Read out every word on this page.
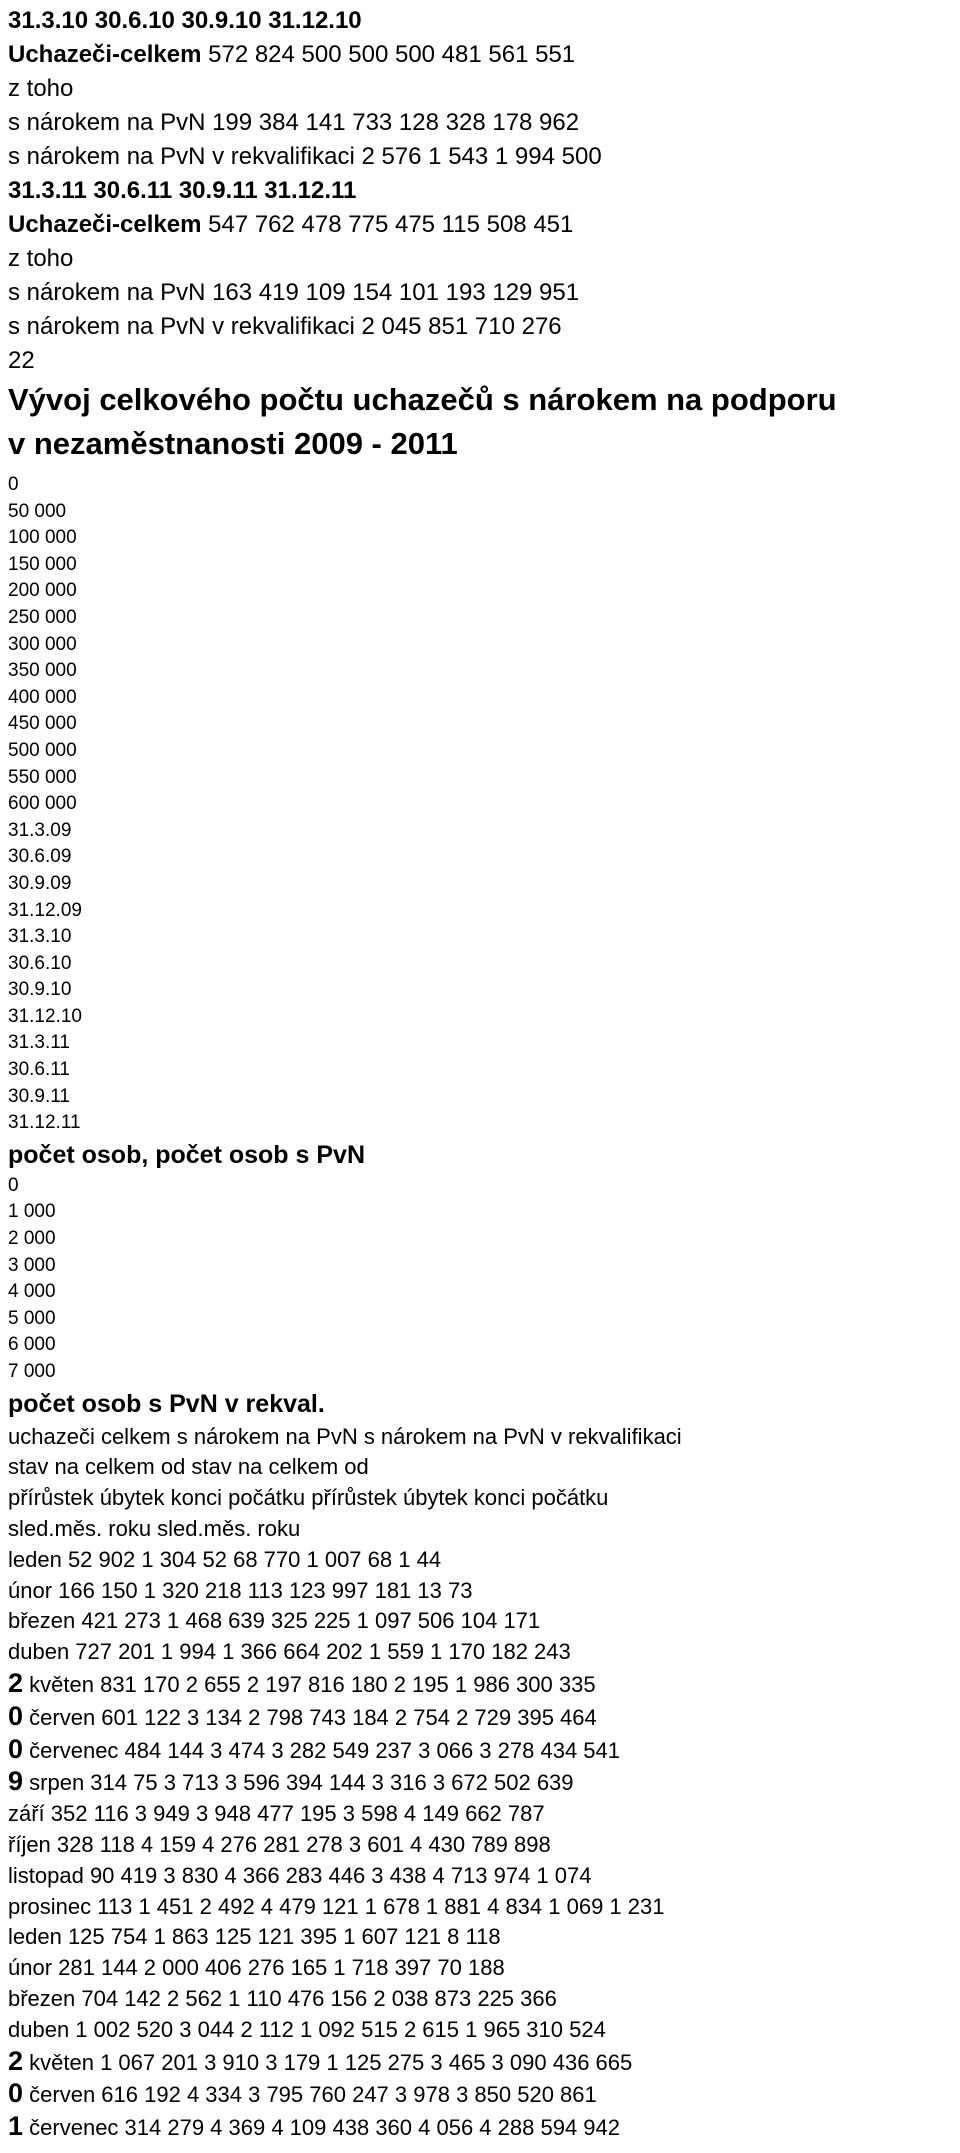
31.3.10 30.6.10 30.9.10 31.12.10
Uchazeči-celkem 572 824 500 500 500 481 561 551
z toho
s nárokem na PvN 199 384 141 733 128 328 178 962
s nárokem na PvN v rekvalifikaci 2 576 1 543 1 994 500
31.3.11 30.6.11 30.9.11 31.12.11
Uchazeči-celkem 547 762 478 775 475 115 508 451
z toho
s nárokem na PvN 163 419 109 154 101 193 129 951
s nárokem na PvN v rekvalifikaci 2 045 851 710 276
22
Vývoj celkového počtu uchazečů s nárokem na podporu
v nezaměstnanosti 2009 - 2011
0
50 000
100 000
150 000
200 000
250 000
300 000
350 000
400 000
450 000
500 000
550 000
600 000
31.3.09
30.6.09
30.9.09
31.12.09
31.3.10
30.6.10
30.9.10
31.12.10
31.3.11
30.6.11
30.9.11
31.12.11
počet osob, počet osob s PvN
0
1 000
2 000
3 000
4 000
5 000
6 000
7 000
počet osob s PvN v rekval.
uchazeči celkem s nárokem na PvN s nárokem na PvN v rekvalifikaci
stav na celkem od stav na celkem od
přírůstek úbytek konci počátku přírůstek úbytek konci počátku
sled.měs. roku sled.měs. roku
leden 52 902 1 304 52 68 770 1 007 68 1 44
únor 166 150 1 320 218 113 123 997 181 13 73
březen 421 273 1 468 639 325 225 1 097 506 104 171
duben 727 201 1 994 1 366 664 202 1 559 1 170 182 243
2 květen 831 170 2 655 2 197 816 180 2 195 1 986 300 335
0 červen 601 122 3 134 2 798 743 184 2 754 2 729 395 464
0 červenec 484 144 3 474 3 282 549 237 3 066 3 278 434 541
9 srpen 314 75 3 713 3 596 394 144 3 316 3 672 502 639
září 352 116 3 949 3 948 477 195 3 598 4 149 662 787
říjen 328 118 4 159 4 276 281 278 3 601 4 430 789 898
listopad 90 419 3 830 4 366 283 446 3 438 4 713 974 1 074
prosinec 113 1 451 2 492 4 479 121 1 678 1 881 4 834 1 069 1 231
leden 125 754 1 863 125 121 395 1 607 121 8 118
únor 281 144 2 000 406 276 165 1 718 397 70 188
březen 704 142 2 562 1 110 476 156 2 038 873 225 366
duben 1 002 520 3 044 2 112 1 092 515 2 615 1 965 310 524
2 květen 1 067 201 3 910 3 179 1 125 275 3 465 3 090 436 665
0 červen 616 192 4 334 3 795 760 247 3 978 3 850 520 861
1 červenec 314 279 4 369 4 109 438 360 4 056 4 288 594 942
